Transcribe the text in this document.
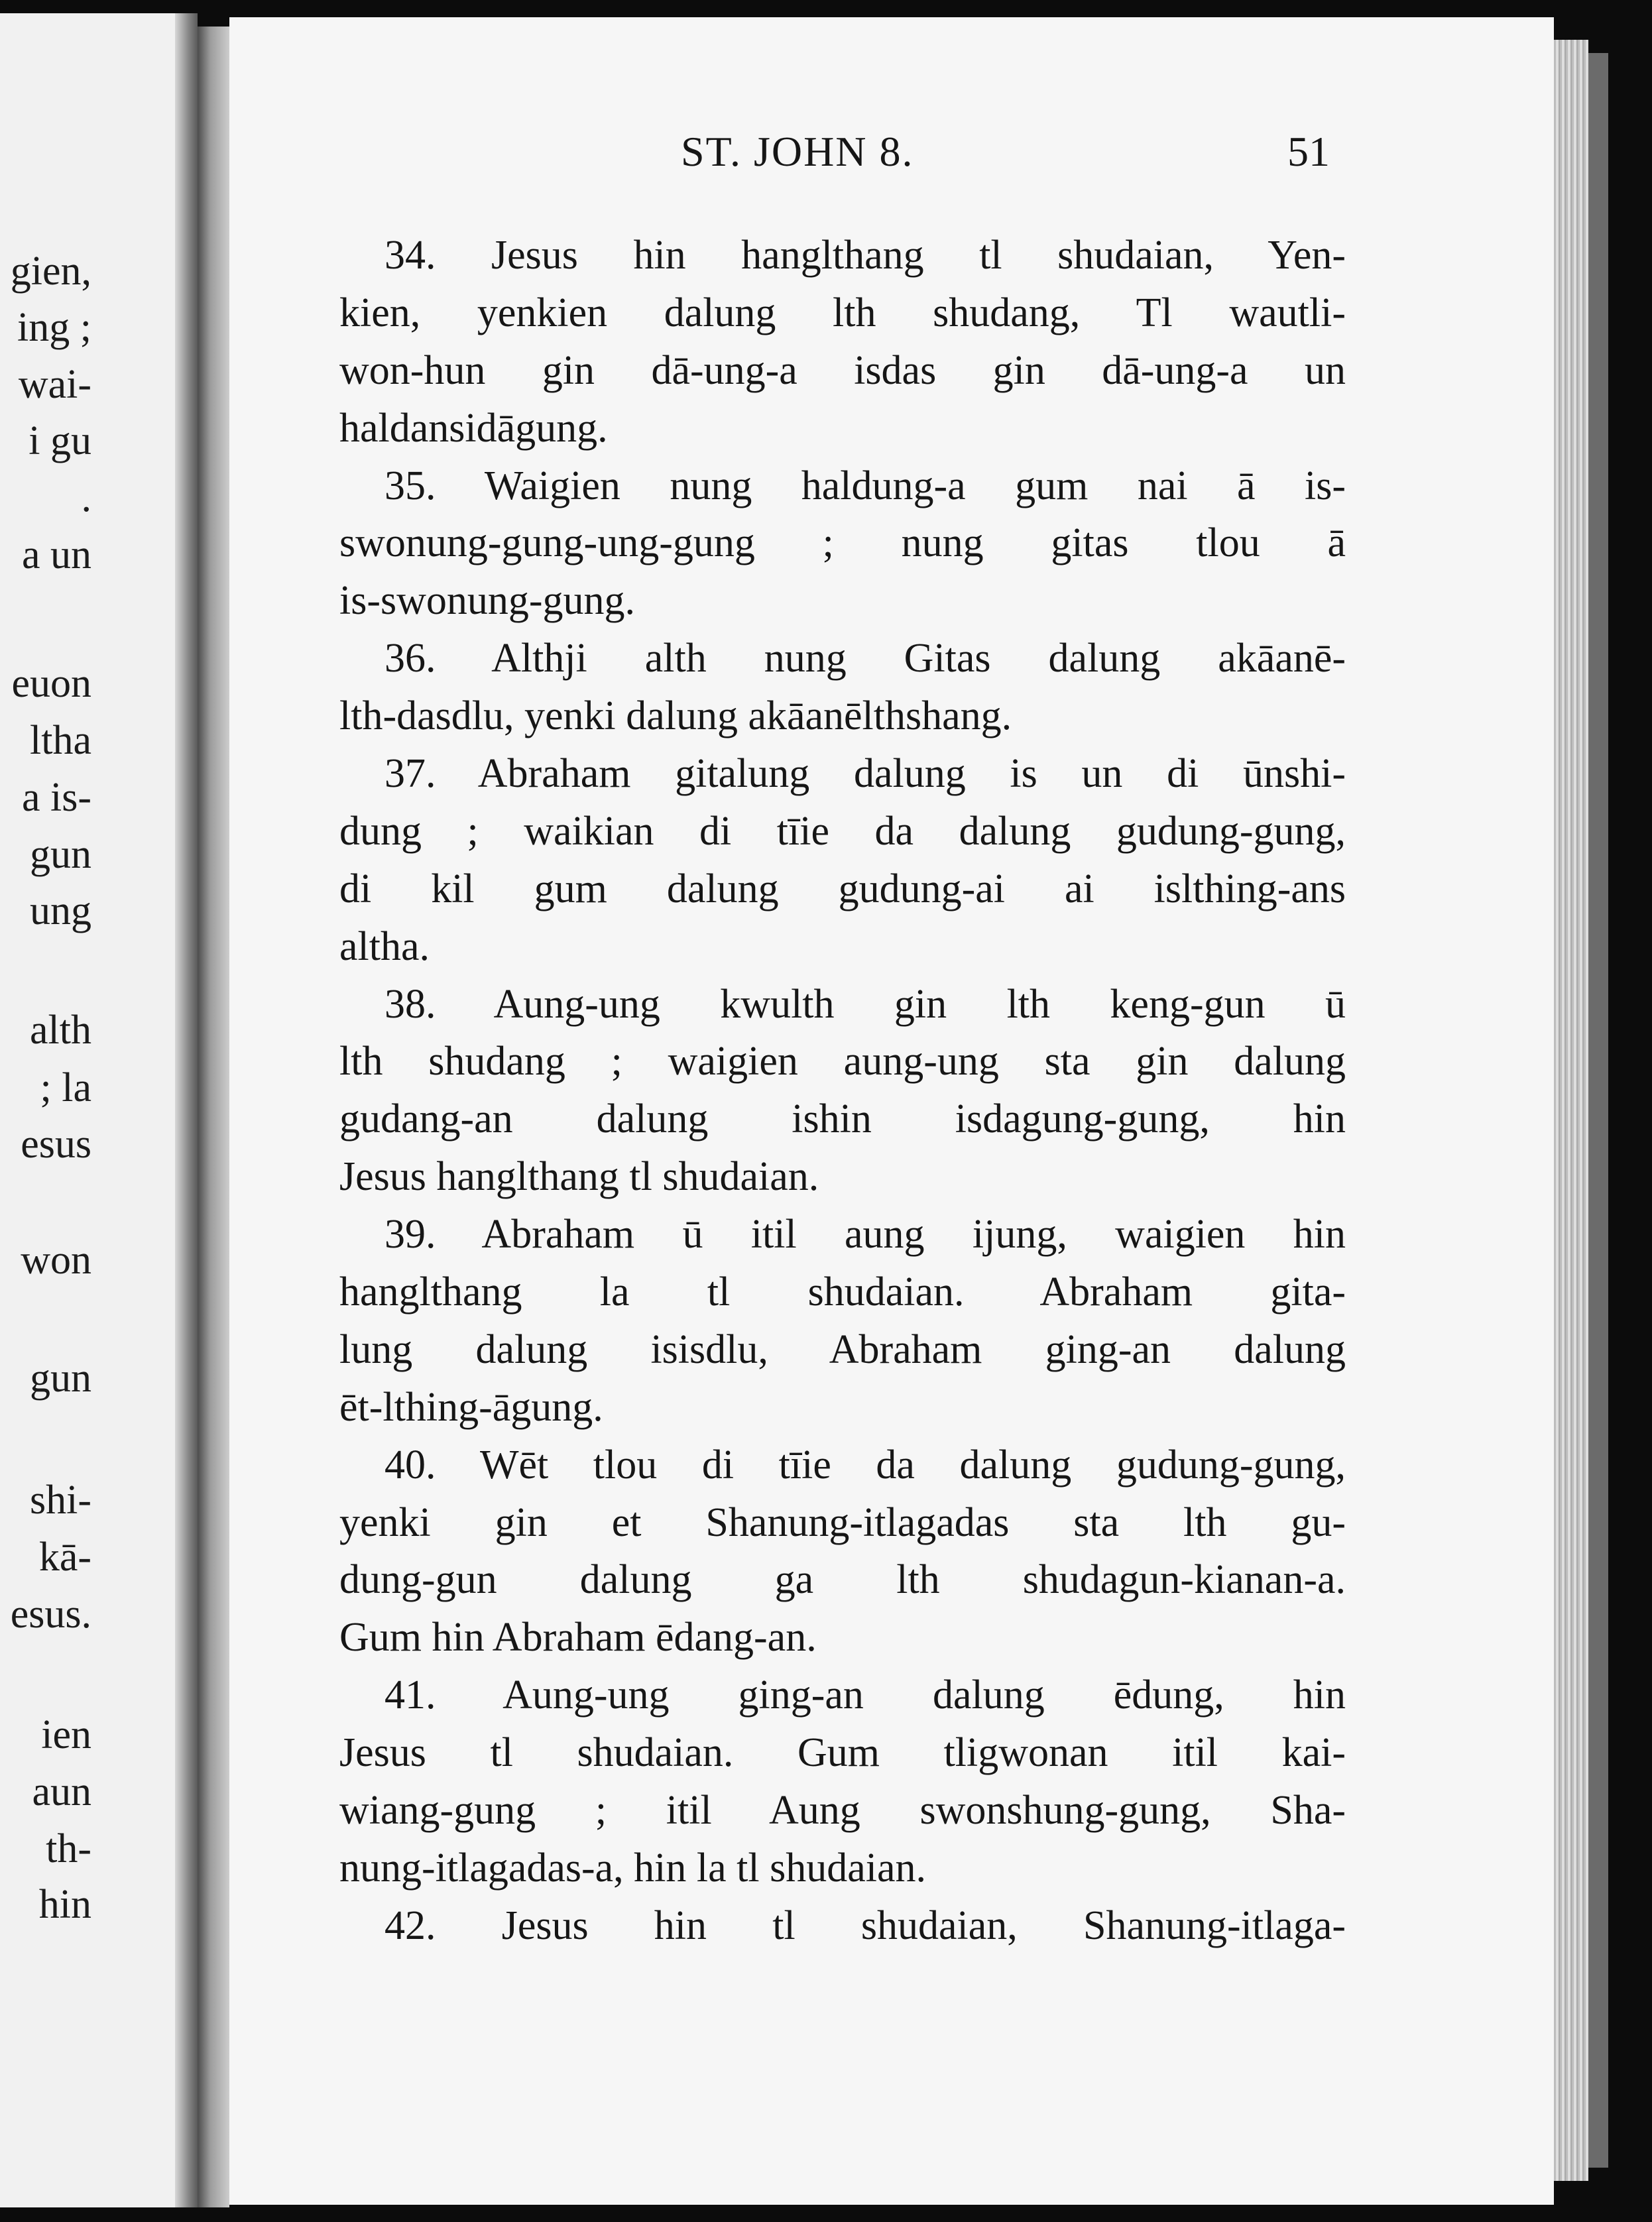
gien,
ing ;
wai-
i gu
.
a un
euon
ltha
a is-
gun
ung
alth
; la
esus
won
gun
shi-
kā-
esus.
ien
aun
th-
hin
ST. JOHN 8.	51
34. Jesus hin hanglthang tl shudaian, Yen-
kien, yenkien dalung lth shudang, Tl wautli-
won-hun gin dā-ung-a isdas gin dā-ung-a un
haldansidāgung.
35. Waigien nung haldung-a gum nai ā is-
swonung-gung-ung-gung ; nung gitas tlou ā
is-swonung-gung.
36. Althji alth nung Gitas dalung akāanē-
lth-dasdlu, yenki dalung akāanēlthshang.
37. Abraham gitalung dalung is un di ūnshi-
dung ; waikian di tīie da dalung gudung-gung,
di kil gum dalung gudung-ai ai islthing-ans
altha.
38. Aung-ung kwulth gin lth keng-gun ū
lth shudang ; waigien aung-ung sta gin dalung
gudang-an dalung ishin isdagung-gung, hin
Jesus hanglthang tl shudaian.
39. Abraham ū itil aung ijung, waigien hin
hanglthang la tl shudaian. Abraham gita-
lung dalung isisdlu, Abraham ging-an dalung
ēt-lthing-āgung.
40. Wēt tlou di tīie da dalung gudung-gung,
yenki gin et Shanung-itlagadas sta lth gu-
dung-gun dalung ga lth shudagun-kianan-a.
Gum hin Abraham ēdang-an.
41. Aung-ung ging-an dalung ēdung, hin
Jesus tl shudaian. Gum tligwonan itil kai-
wiang-gung ; itil Aung swonshung-gung, Sha-
nung-itlagadas-a, hin la tl shudaian.
42. Jesus hin tl shudaian, Shanung-itlaga-
